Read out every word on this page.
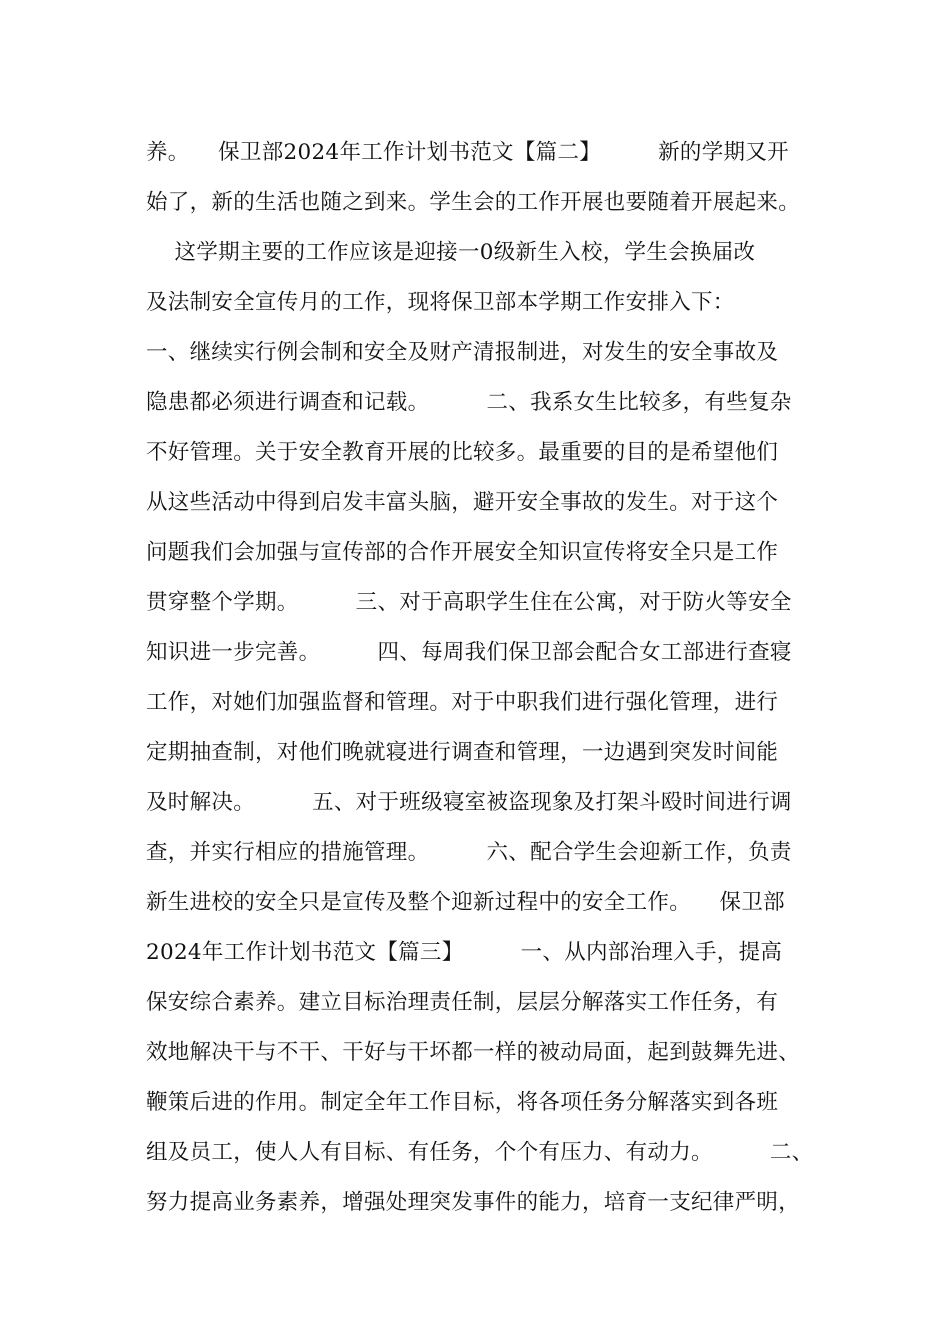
养。    保卫部2024年工作计划书范文【篇二】        新的学期又开
始了，新的生活也随之到来。学生会的工作开展也要随着开展起来。
这学期主要的工作应该是迎接一0级新生入校，学生会换届改
及法制安全宣传月的工作，现将保卫部本学期工作安排入下：
一、继续实行例会制和安全及财产清报制进，对发生的安全事故及
隐患都必须进行调查和记载。        二、我系女生比较多，有些复杂
不好管理。关于安全教育开展的比较多。最重要的目的是希望他们
从这些活动中得到启发丰富头脑，避开安全事故的发生。对于这个
问题我们会加强与宣传部的合作开展安全知识宣传将安全只是工作
贯穿整个学期。        三、对于高职学生住在公寓，对于防火等安全
知识进一步完善。        四、每周我们保卫部会配合女工部进行查寝
工作，对她们加强监督和管理。对于中职我们进行强化管理，进行
定期抽查制，对他们晚就寝进行调查和管理，一边遇到突发时间能
及时解决。        五、对于班级寝室被盗现象及打架斗殴时间进行调
查，并实行相应的措施管理。        六、配合学生会迎新工作，负责
新生进校的安全只是宣传及整个迎新过程中的安全工作。    保卫部
2024年工作计划书范文【篇三】        一、从内部治理入手，提高
保安综合素养。建立目标治理责任制，层层分解落实工作任务，有
效地解决干与不干、干好与干坏都一样的被动局面，起到鼓舞先进、
鞭策后进的作用。制定全年工作目标，将各项任务分解落实到各班
组及员工，使人人有目标、有任务，个个有压力、有动力。        二、
努力提高业务素养，增强处理突发事件的能力，培育一支纪律严明，
